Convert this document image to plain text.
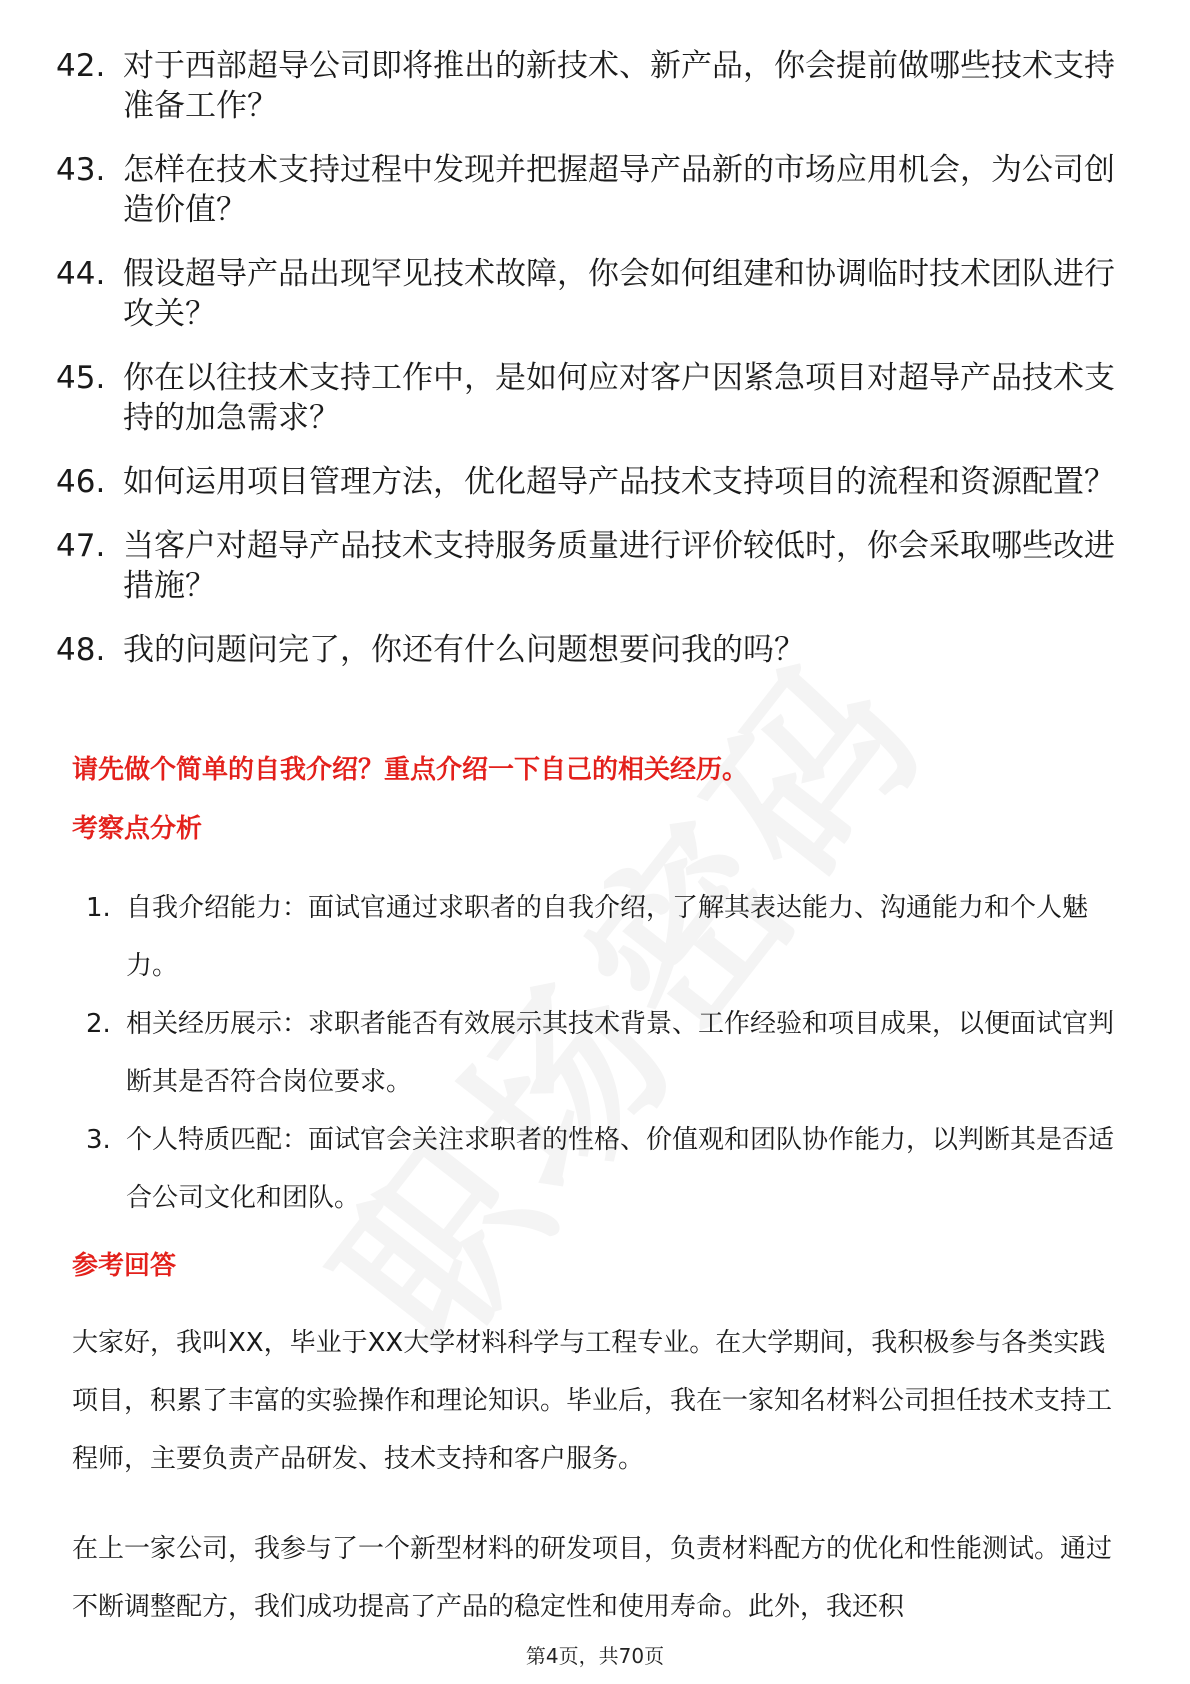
42. 对于西部超导公司即将推出的新技术、新产品，你会提前做哪些技术支持准备工作？
43. 怎样在技术支持过程中发现并把握超导产品新的市场应用机会，为公司创造价值？
44. 假设超导产品出现罕见技术故障，你会如何组建和协调临时技术团队进行攻关？
45. 你在以往技术支持工作中，是如何应对客户因紧急项目对超导产品技术支持的加急需求？
46. 如何运用项目管理方法，优化超导产品技术支持项目的流程和资源配置？
47. 当客户对超导产品技术支持服务质量进行评价较低时，你会采取哪些改进措施？
48. 我的问题问完了，你还有什么问题想要问我的吗？
请先做个简单的自我介绍？重点介绍一下自己的相关经历。
考察点分析
1. 自我介绍能力：面试官通过求职者的自我介绍，了解其表达能力、沟通能力和个人魅力。
2. 相关经历展示：求职者能否有效展示其技术背景、工作经验和项目成果，以便面试官判断其是否符合岗位要求。
3. 个人特质匹配：面试官会关注求职者的性格、价值观和团队协作能力，以判断其是否适合公司文化和团队。
参考回答
大家好，我叫XX，毕业于XX大学材料科学与工程专业。在大学期间，我积极参与各类实践项目，积累了丰富的实验操作和理论知识。毕业后，我在一家知名材料公司担任技术支持工程师，主要负责产品研发、技术支持和客户服务。
在上一家公司，我参与了一个新型材料的研发项目，负责材料配方的优化和性能测试。通过不断调整配方，我们成功提高了产品的稳定性和使用寿命。此外，我还积
第4页，共70页
